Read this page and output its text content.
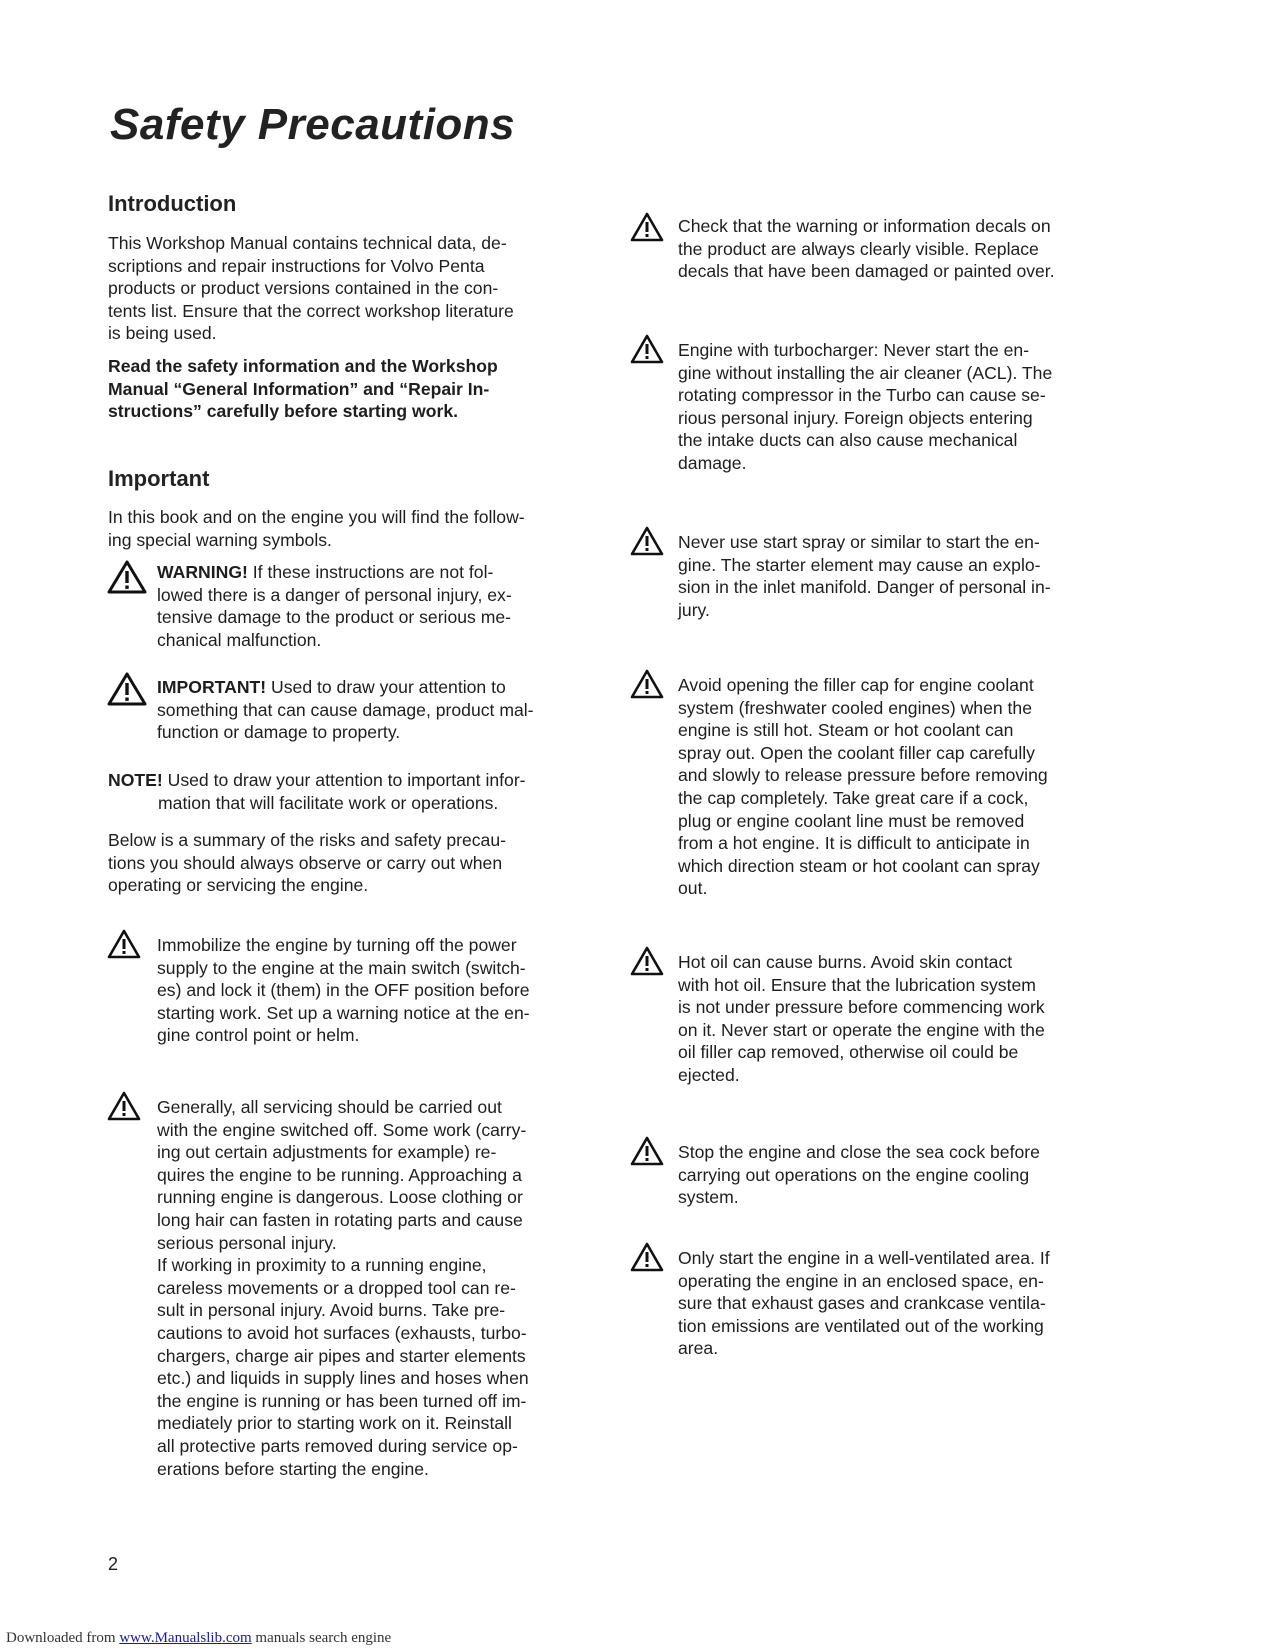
Safety Precautions
Introduction

This Workshop Manual contains technical data, de-
scriptions and repair instructions for Volvo Penta
products or product versions contained in the con-
tents list. Ensure that the correct workshop literature
is being used.

Read the safety information and the Workshop
Manual “General Information” and “Repair In-
structions” carefully before starting work.

Important

In this book and on the engine you will find the follow-
ing special warning symbols.

WARNING! If these instructions are not fol-
lowed there is a danger of personal injury, ex-
tensive damage to the product or serious me-
chanical malfunction.

IMPORTANT! Used to draw your attention to
something that can cause damage, product mal-
function or damage to property.

NOTE! Used to draw your attention to important infor-
mation that will facilitate work or operations.

Below is a summary of the risks and safety precau-
tions you should always observe or carry out when
operating or servicing the engine.

Immobilize the engine by turning off the power
supply to the engine at the main switch (switch-
es) and lock it (them) in the OFF position before
starting work. Set up a warning notice at the en-
gine control point or helm.

Generally, all servicing should be carried out
with the engine switched off. Some work (carry-
ing out certain adjustments for example) re-
quires the engine to be running. Approaching a
running engine is dangerous. Loose clothing or
long hair can fasten in rotating parts and cause
serious personal injury.
If working in proximity to a running engine,
careless movements or a dropped tool can re-
sult in personal injury. Avoid burns. Take pre-
cautions to avoid hot surfaces (exhausts, turbo-
chargers, charge air pipes and starter elements
etc.) and liquids in supply lines and hoses when
the engine is running or has been turned off im-
mediately prior to starting work on it. Reinstall
all protective parts removed during service op-
erations before starting the engine.

Check that the warning or information decals on
the product are always clearly visible. Replace
decals that have been damaged or painted over.

Engine with turbocharger: Never start the en-
gine without installing the air cleaner (ACL). The
rotating compressor in the Turbo can cause se-
rious personal injury. Foreign objects entering
the intake ducts can also cause mechanical
damage.

Never use start spray or similar to start the en-
gine. The starter element may cause an explo-
sion in the inlet manifold. Danger of personal in-
jury.

Avoid opening the filler cap for engine coolant
system (freshwater cooled engines) when the
engine is still hot. Steam or hot coolant can
spray out. Open the coolant filler cap carefully
and slowly to release pressure before removing
the cap completely. Take great care if a cock,
plug or engine coolant line must be removed
from a hot engine. It is difficult to anticipate in
which direction steam or hot coolant can spray
out.

Hot oil can cause burns. Avoid skin contact
with hot oil. Ensure that the lubrication system
is not under pressure before commencing work
on it. Never start or operate the engine with the
oil filler cap removed, otherwise oil could be
ejected.

Stop the engine and close the sea cock before
carrying out operations on the engine cooling
system.

Only start the engine in a well-ventilated area. If
operating the engine in an enclosed space, en-
sure that exhaust gases and crankcase ventila-
tion emissions are ventilated out of the working
area.

2
Downloaded from www.Manualslib.com manuals search engine
